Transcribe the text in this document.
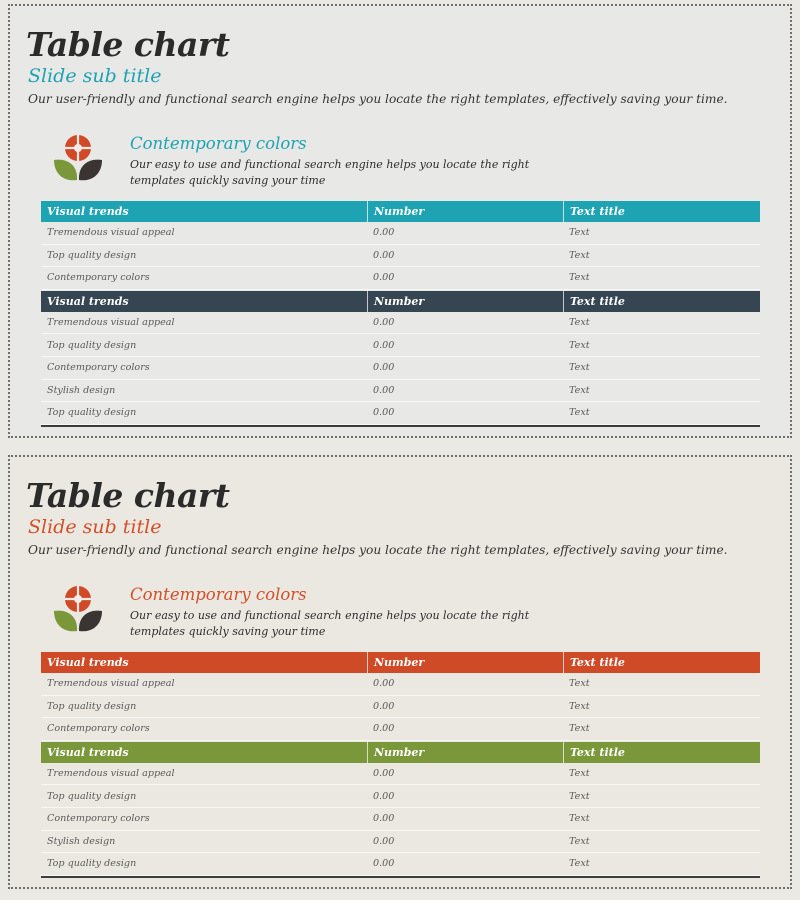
Table chart
Slide sub title
Our user-friendly and functional search engine helps you locate the right templates, effectively saving your time.
Contemporary colors
Our easy to use and functional search engine helps you locate the right templates quickly saving your time
Visual trends	Number	Text title
Tremendous visual appeal	0.00	Text
Top quality design	0.00	Text
Contemporary colors	0.00	Text
Visual trends	Number	Text title
Tremendous visual appeal	0.00	Text
Top quality design	0.00	Text
Contemporary colors	0.00	Text
Stylish design	0.00	Text
Top quality design	0.00	Text
Table chart
Slide sub title
Our user-friendly and functional search engine helps you locate the right templates, effectively saving your time.
Contemporary colors
Our easy to use and functional search engine helps you locate the right templates quickly saving your time
Visual trends	Number	Text title
Tremendous visual appeal	0.00	Text
Top quality design	0.00	Text
Contemporary colors	0.00	Text
Visual trends	Number	Text title
Tremendous visual appeal	0.00	Text
Top quality design	0.00	Text
Contemporary colors	0.00	Text
Stylish design	0.00	Text
Top quality design	0.00	Text
